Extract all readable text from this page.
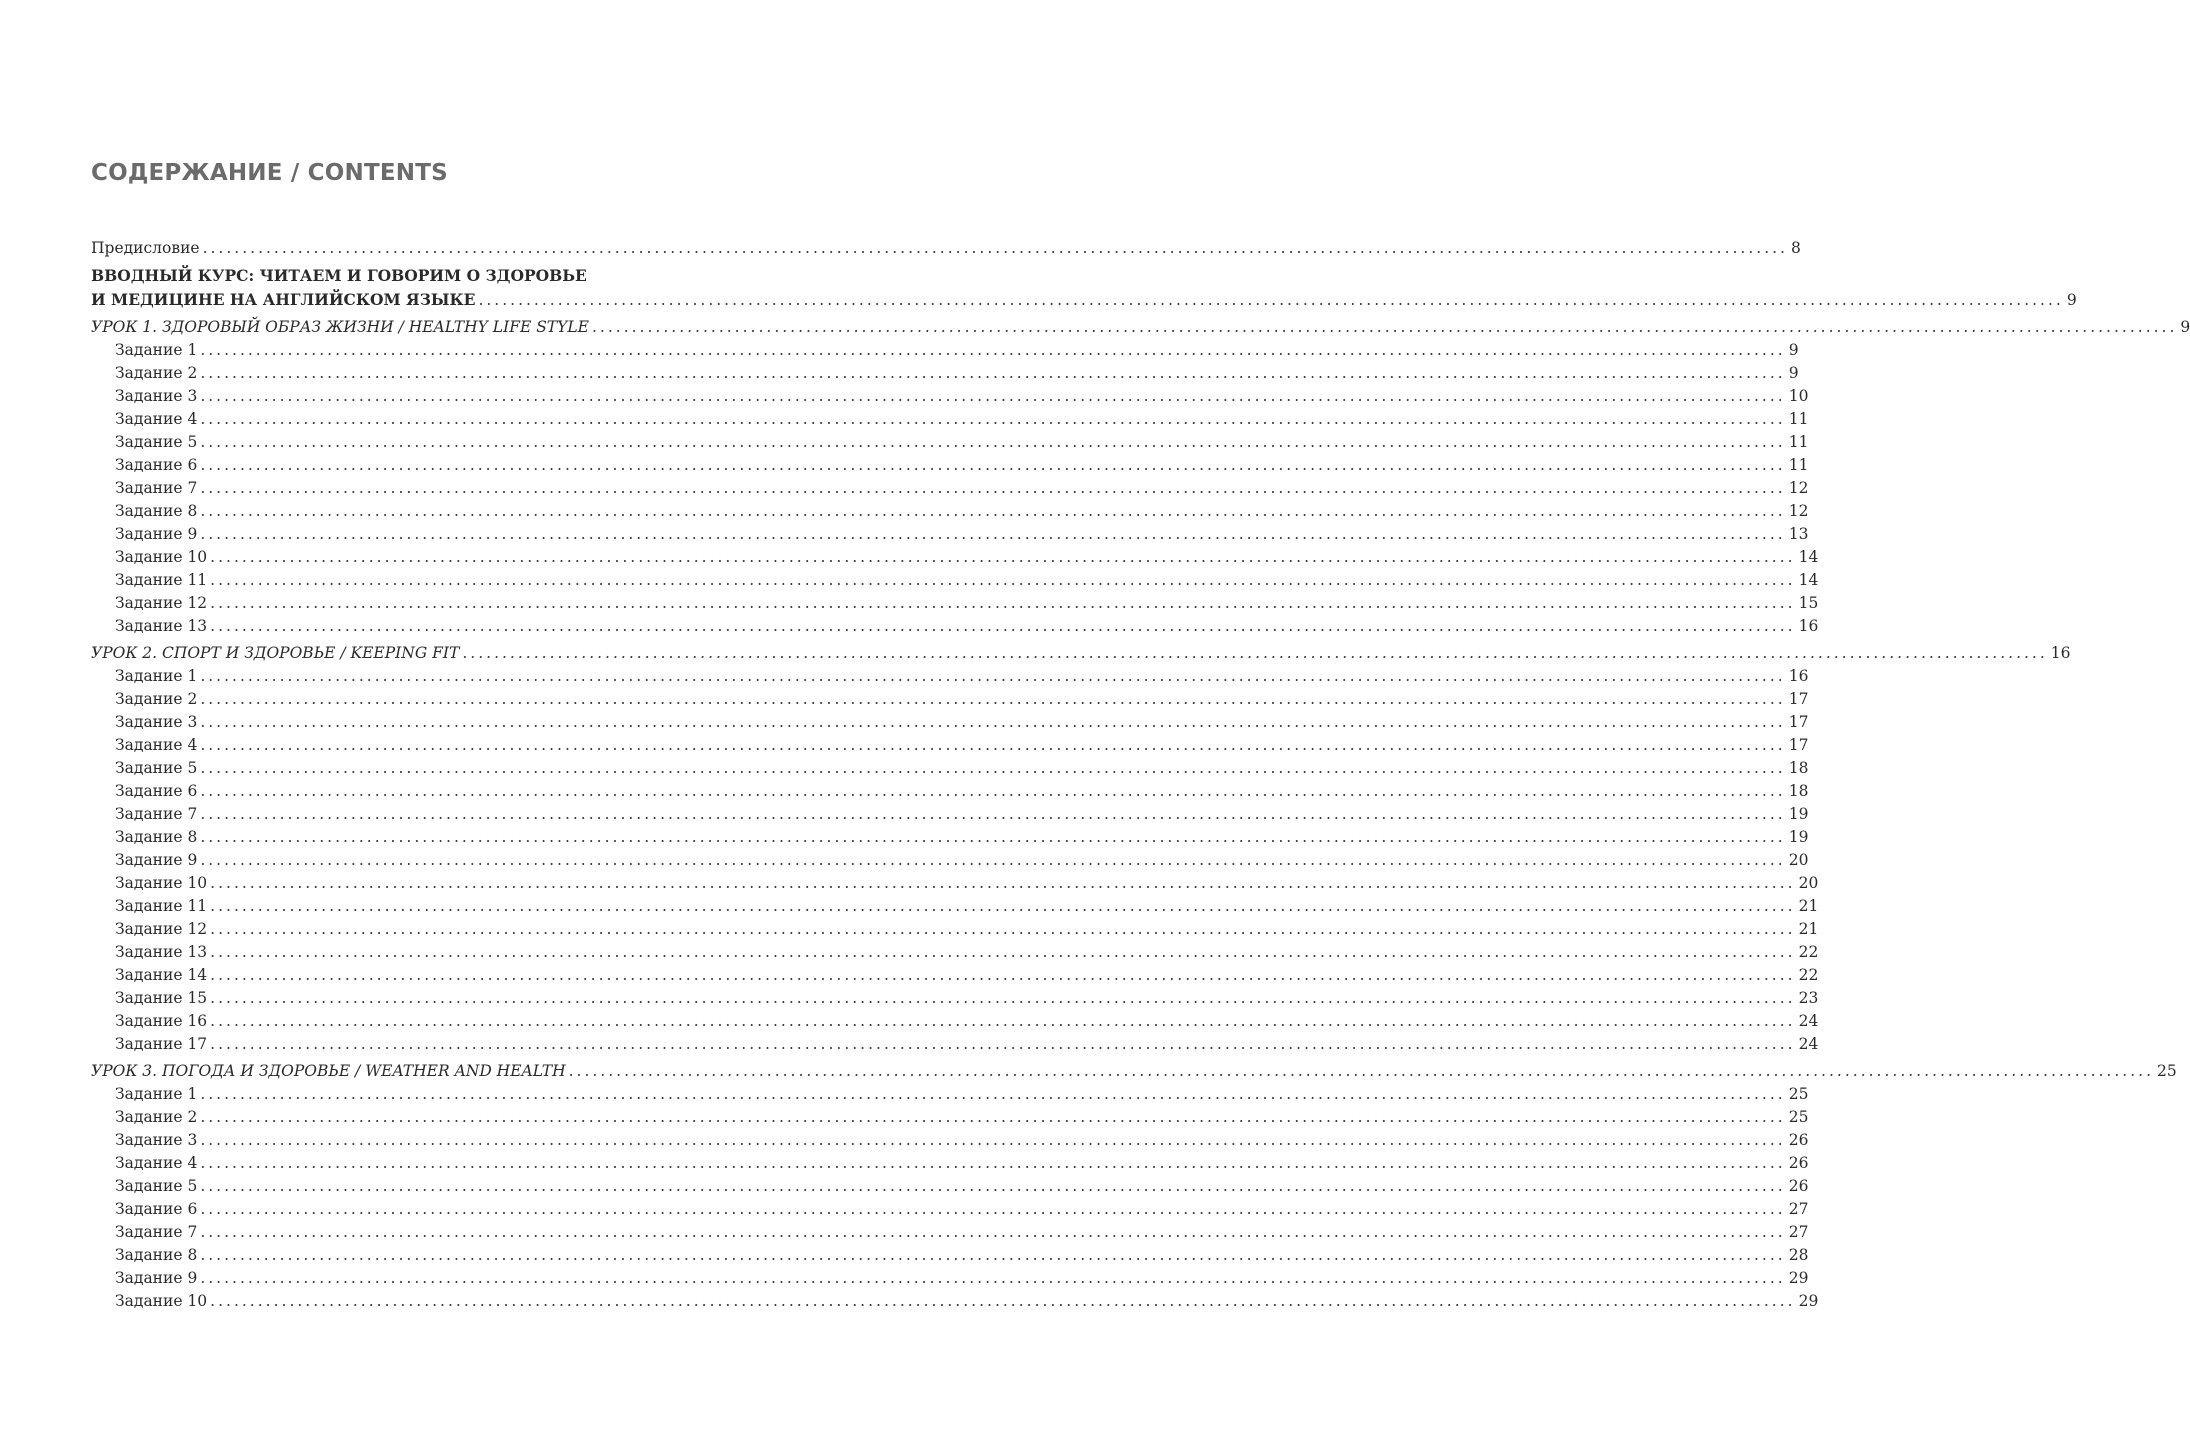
СОДЕРЖАНИЕ / CONTENTS
Предисловие ........................................................................................................................................................................................................ 8
ВВОДНЫЙ КУРС: ЧИТАЕМ И ГОВОРИМ О ЗДОРОВЬЕ
И МЕДИЦИНЕ НА АНГЛИЙСКОМ ЯЗЫКЕ ........................................................................................................................................................................................................ 9
УРОК 1. ЗДОРОВЫЙ ОБРАЗ ЖИЗНИ / HEALTHY LIFE STYLE ........................................................................................................................................................................................................ 9
Задание 1 ........................................................................................................................................................................................................ 9
Задание 2 ........................................................................................................................................................................................................ 9
Задание 3 ........................................................................................................................................................................................................ 10
Задание 4 ........................................................................................................................................................................................................ 11
Задание 5 ........................................................................................................................................................................................................ 11
Задание 6 ........................................................................................................................................................................................................ 11
Задание 7 ........................................................................................................................................................................................................ 12
Задание 8 ........................................................................................................................................................................................................ 12
Задание 9 ........................................................................................................................................................................................................ 13
Задание 10 ........................................................................................................................................................................................................ 14
Задание 11 ........................................................................................................................................................................................................ 14
Задание 12 ........................................................................................................................................................................................................ 15
Задание 13 ........................................................................................................................................................................................................ 16
УРОК 2. СПОРТ И ЗДОРОВЬЕ / KEEPING FIT ........................................................................................................................................................................................................ 16
Задание 1 ........................................................................................................................................................................................................ 16
Задание 2 ........................................................................................................................................................................................................ 17
Задание 3 ........................................................................................................................................................................................................ 17
Задание 4 ........................................................................................................................................................................................................ 17
Задание 5 ........................................................................................................................................................................................................ 18
Задание 6 ........................................................................................................................................................................................................ 18
Задание 7 ........................................................................................................................................................................................................ 19
Задание 8 ........................................................................................................................................................................................................ 19
Задание 9 ........................................................................................................................................................................................................ 20
Задание 10 ........................................................................................................................................................................................................ 20
Задание 11 ........................................................................................................................................................................................................ 21
Задание 12 ........................................................................................................................................................................................................ 21
Задание 13 ........................................................................................................................................................................................................ 22
Задание 14 ........................................................................................................................................................................................................ 22
Задание 15 ........................................................................................................................................................................................................ 23
Задание 16 ........................................................................................................................................................................................................ 24
Задание 17 ........................................................................................................................................................................................................ 24
УРОК 3. ПОГОДА И ЗДОРОВЬЕ / WEATHER AND HEALTH ........................................................................................................................................................................................................ 25
Задание 1 ........................................................................................................................................................................................................ 25
Задание 2 ........................................................................................................................................................................................................ 25
Задание 3 ........................................................................................................................................................................................................ 26
Задание 4 ........................................................................................................................................................................................................ 26
Задание 5 ........................................................................................................................................................................................................ 26
Задание 6 ........................................................................................................................................................................................................ 27
Задание 7 ........................................................................................................................................................................................................ 27
Задание 8 ........................................................................................................................................................................................................ 28
Задание 9 ........................................................................................................................................................................................................ 29
Задание 10 ........................................................................................................................................................................................................ 29
